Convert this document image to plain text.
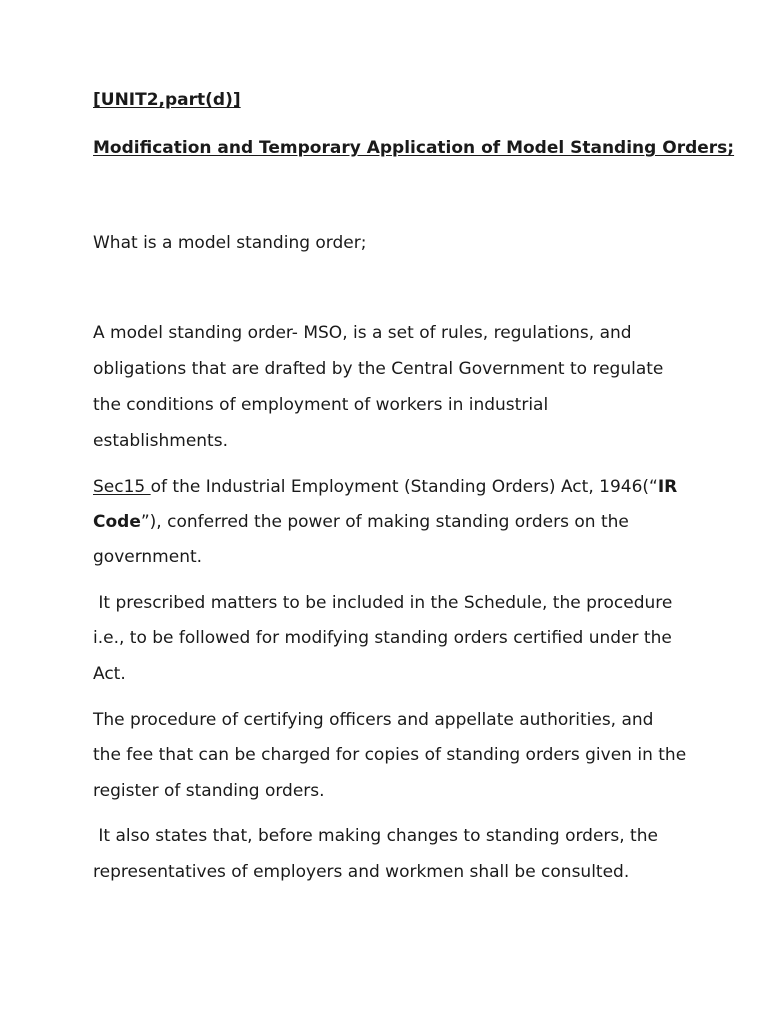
[UNIT2,part(d)]
Modification and Temporary Application of Model Standing Orders;
What is a model standing order;
A model standing order- MSO, is a set of rules, regulations, and
obligations that are drafted by the Central Government to regulate
the conditions of employment of workers in industrial
establishments.
Sec15 of the Industrial Employment (Standing Orders) Act, 1946(“IR
Code”), conferred the power of making standing orders on the
government.
It prescribed matters to be included in the Schedule, the procedure
i.e., to be followed for modifying standing orders certified under the
Act.
The procedure of certifying officers and appellate authorities, and
the fee that can be charged for copies of standing orders given in the
register of standing orders.
It also states that, before making changes to standing orders, the
representatives of employers and workmen shall be consulted.
